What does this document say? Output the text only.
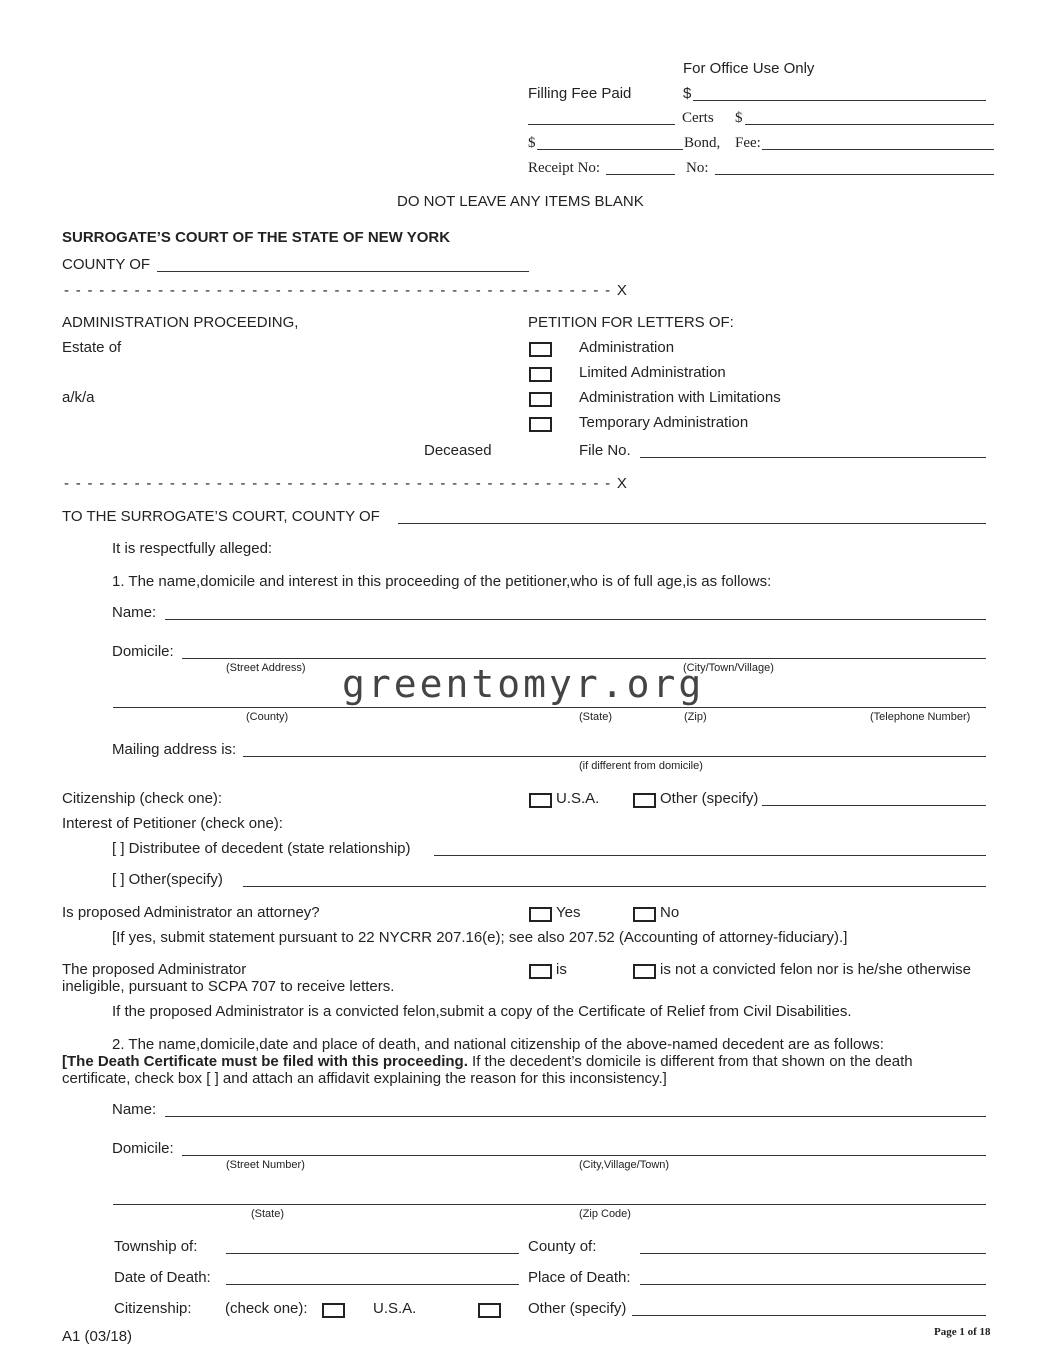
For Office Use Only
Filling Fee Paid	$
Certs $
$	Bond, Fee:
Receipt No:	No:
DO NOT LEAVE ANY ITEMS BLANK
SURROGATE’S COURT OF THE STATE OF NEW YORK
COUNTY OF
- - - - - - - - - - - - - - - - - - - - - - - - - - - - - - - - - - - - - - - - - - - - - - - X
ADMINISTRATION PROCEEDING,
Estate of
a/k/a
Deceased
PETITION FOR LETTERS OF:
Administration
Limited Administration
Administration with Limitations
Temporary Administration
File No.
- - - - - - - - - - - - - - - - - - - - - - - - - - - - - - - - - - - - - - - - - - - - - - - X
TO THE SURROGATE’S COURT, COUNTY OF
It is respectfully alleged:
1. The name,domicile and interest in this proceeding of the petitioner,who is of full age,is as follows:
Name:
Domicile:
(Street Address)	(City/Town/Village)
greentomyr.org
(County)	(State)	(Zip)	(Telephone Number)
Mailing address is:
(if different from domicile)
Citizenship (check one):	U.S.A.	Other (specify)
Interest of Petitioner (check one):
[ ] Distributee of decedent (state relationship)
[ ] Other(specify)
Is proposed Administrator an attorney?	Yes	No
[If yes, submit statement pursuant to 22 NYCRR 207.16(e); see also 207.52 (Accounting of attorney-fiduciary).]
The proposed Administrator
ineligible, pursuant to SCPA 707 to receive letters.
is	is not a convicted felon nor is he/she otherwise
If the proposed Administrator is a convicted felon,submit a copy of the Certificate of Relief from Civil Disabilities.
2. The name,domicile,date and place of death, and national citizenship of the above-named decedent are as follows:
[The Death Certificate must be filed with this proceeding. If the decedent’s domicile is different from that shown on the death
certificate, check box [ ] and attach an affidavit explaining the reason for this inconsistency.]
Name:
Domicile:
(Street Number)	(City,Village/Town)
(State)	(Zip Code)
Township of:	County of:
Date of Death:	Place of Death:
Citizenship: (check one):	U.S.A.	Other (specify)
A1 (03/18)	Page 1 of 18
